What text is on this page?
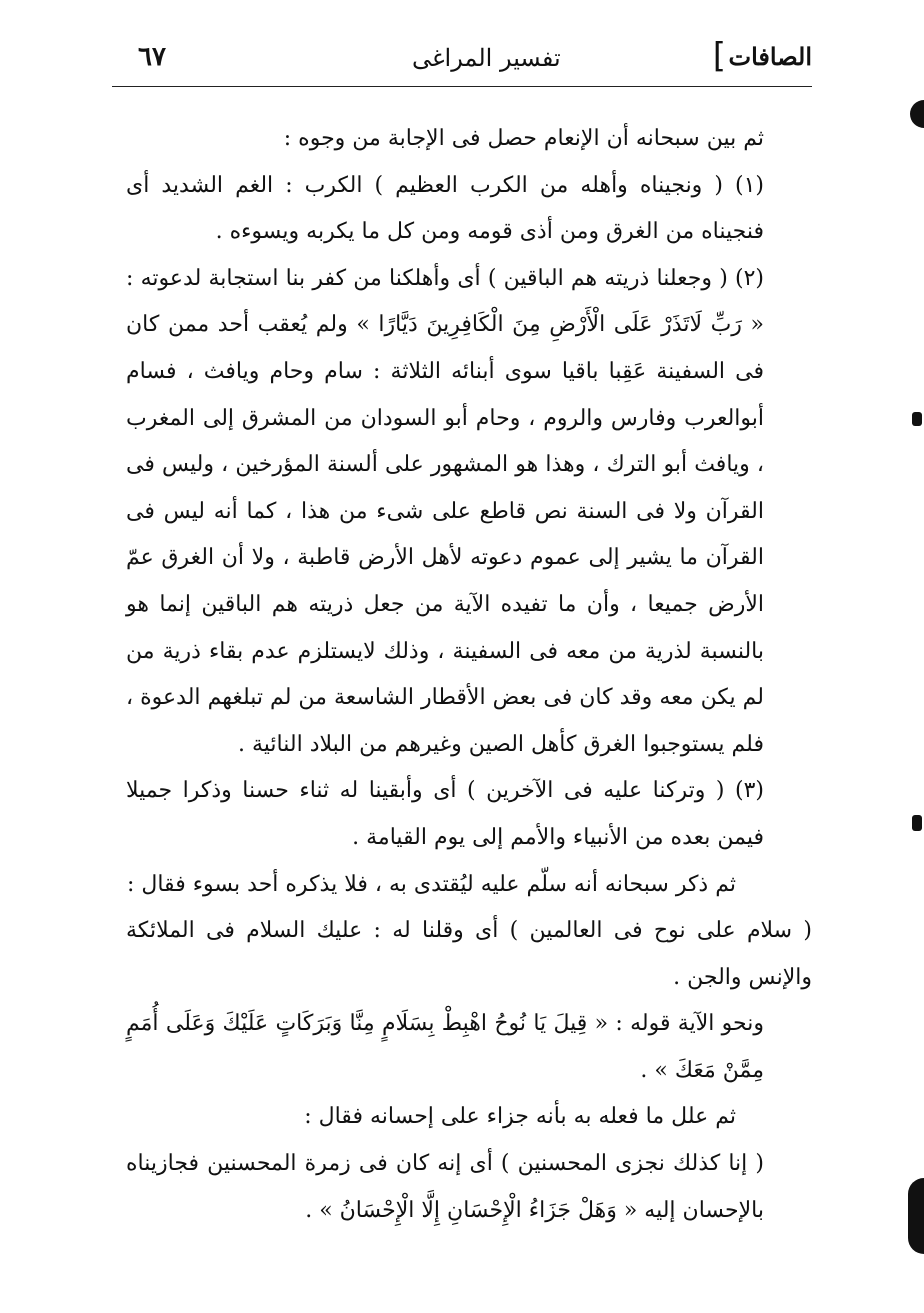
الصافات
]
تفسير المراغى
٦٧

ثم بين سبحانه أن الإنعام حصل فى الإجابة من وجوه :

(١) ( ونجيناه وأهله من الكرب العظيم ) الكرب : الغم الشديد أى فنجيناه من الغرق ومن أذى قومه ومن كل ما يكربه ويسوءه .

(٢) ( وجعلنا ذريته هم الباقين ) أى وأهلكنا من كفر بنا استجابة لدعوته : « رَبِّ لَاتَذَرْ عَلَى الْأَرْضِ مِنَ الْكَافِرِينَ دَيَّارًا » ولم يُعقب أحد ممن كان فى السفينة عَقِبا باقيا سوى أبنائه الثلاثة : سام وحام ويافث ، فسام أبوالعرب وفارس والروم ، وحام أبو السودان من المشرق إلى المغرب ، ويافث أبو الترك ، وهذا هو المشهور على ألسنة المؤرخين ، وليس فى القرآن ولا فى السنة نص قاطع على شىء من هذا ، كما أنه ليس فى القرآن ما يشير إلى عموم دعوته لأهل الأرض قاطبة ، ولا أن الغرق عمّ الأرض جميعا ، وأن ما تفيده الآية من جعل ذريته هم الباقين إنما هو بالنسبة لذرية من معه فى السفينة ، وذلك لايستلزم عدم بقاء ذرية من لم يكن معه وقد كان فى بعض الأقطار الشاسعة من لم تبلغهم الدعوة ، فلم يستوجبوا الغرق كأهل الصين وغيرهم من البلاد النائية .

(٣) ( وتركنا عليه فى الآخرين ) أى وأبقينا له ثناء حسنا وذكرا جميلا فيمن بعده من الأنبياء والأمم إلى يوم القيامة .

ثم ذكر سبحانه أنه سلّم عليه ليُقتدى به ، فلا يذكره أحد بسوء فقال :

( سلام على نوح فى العالمين ) أى وقلنا له : عليك السلام فى الملائكة والإنس والجن .

ونحو الآية قوله : « قِيلَ يَا نُوحُ اهْبِطْ بِسَلَامٍ مِنَّا وَبَرَكَاتٍ عَلَيْكَ وَعَلَى أُمَمٍ مِمَّنْ مَعَكَ » .

ثم علل ما فعله به بأنه جزاء على إحسانه فقال :

( إنا كذلك نجزى المحسنين ) أى إنه كان فى زمرة المحسنين فجازيناه بالإحسان إليه « وَهَلْ جَزَاءُ الْإِحْسَانِ إِلَّا الْإِحْسَانُ » .
